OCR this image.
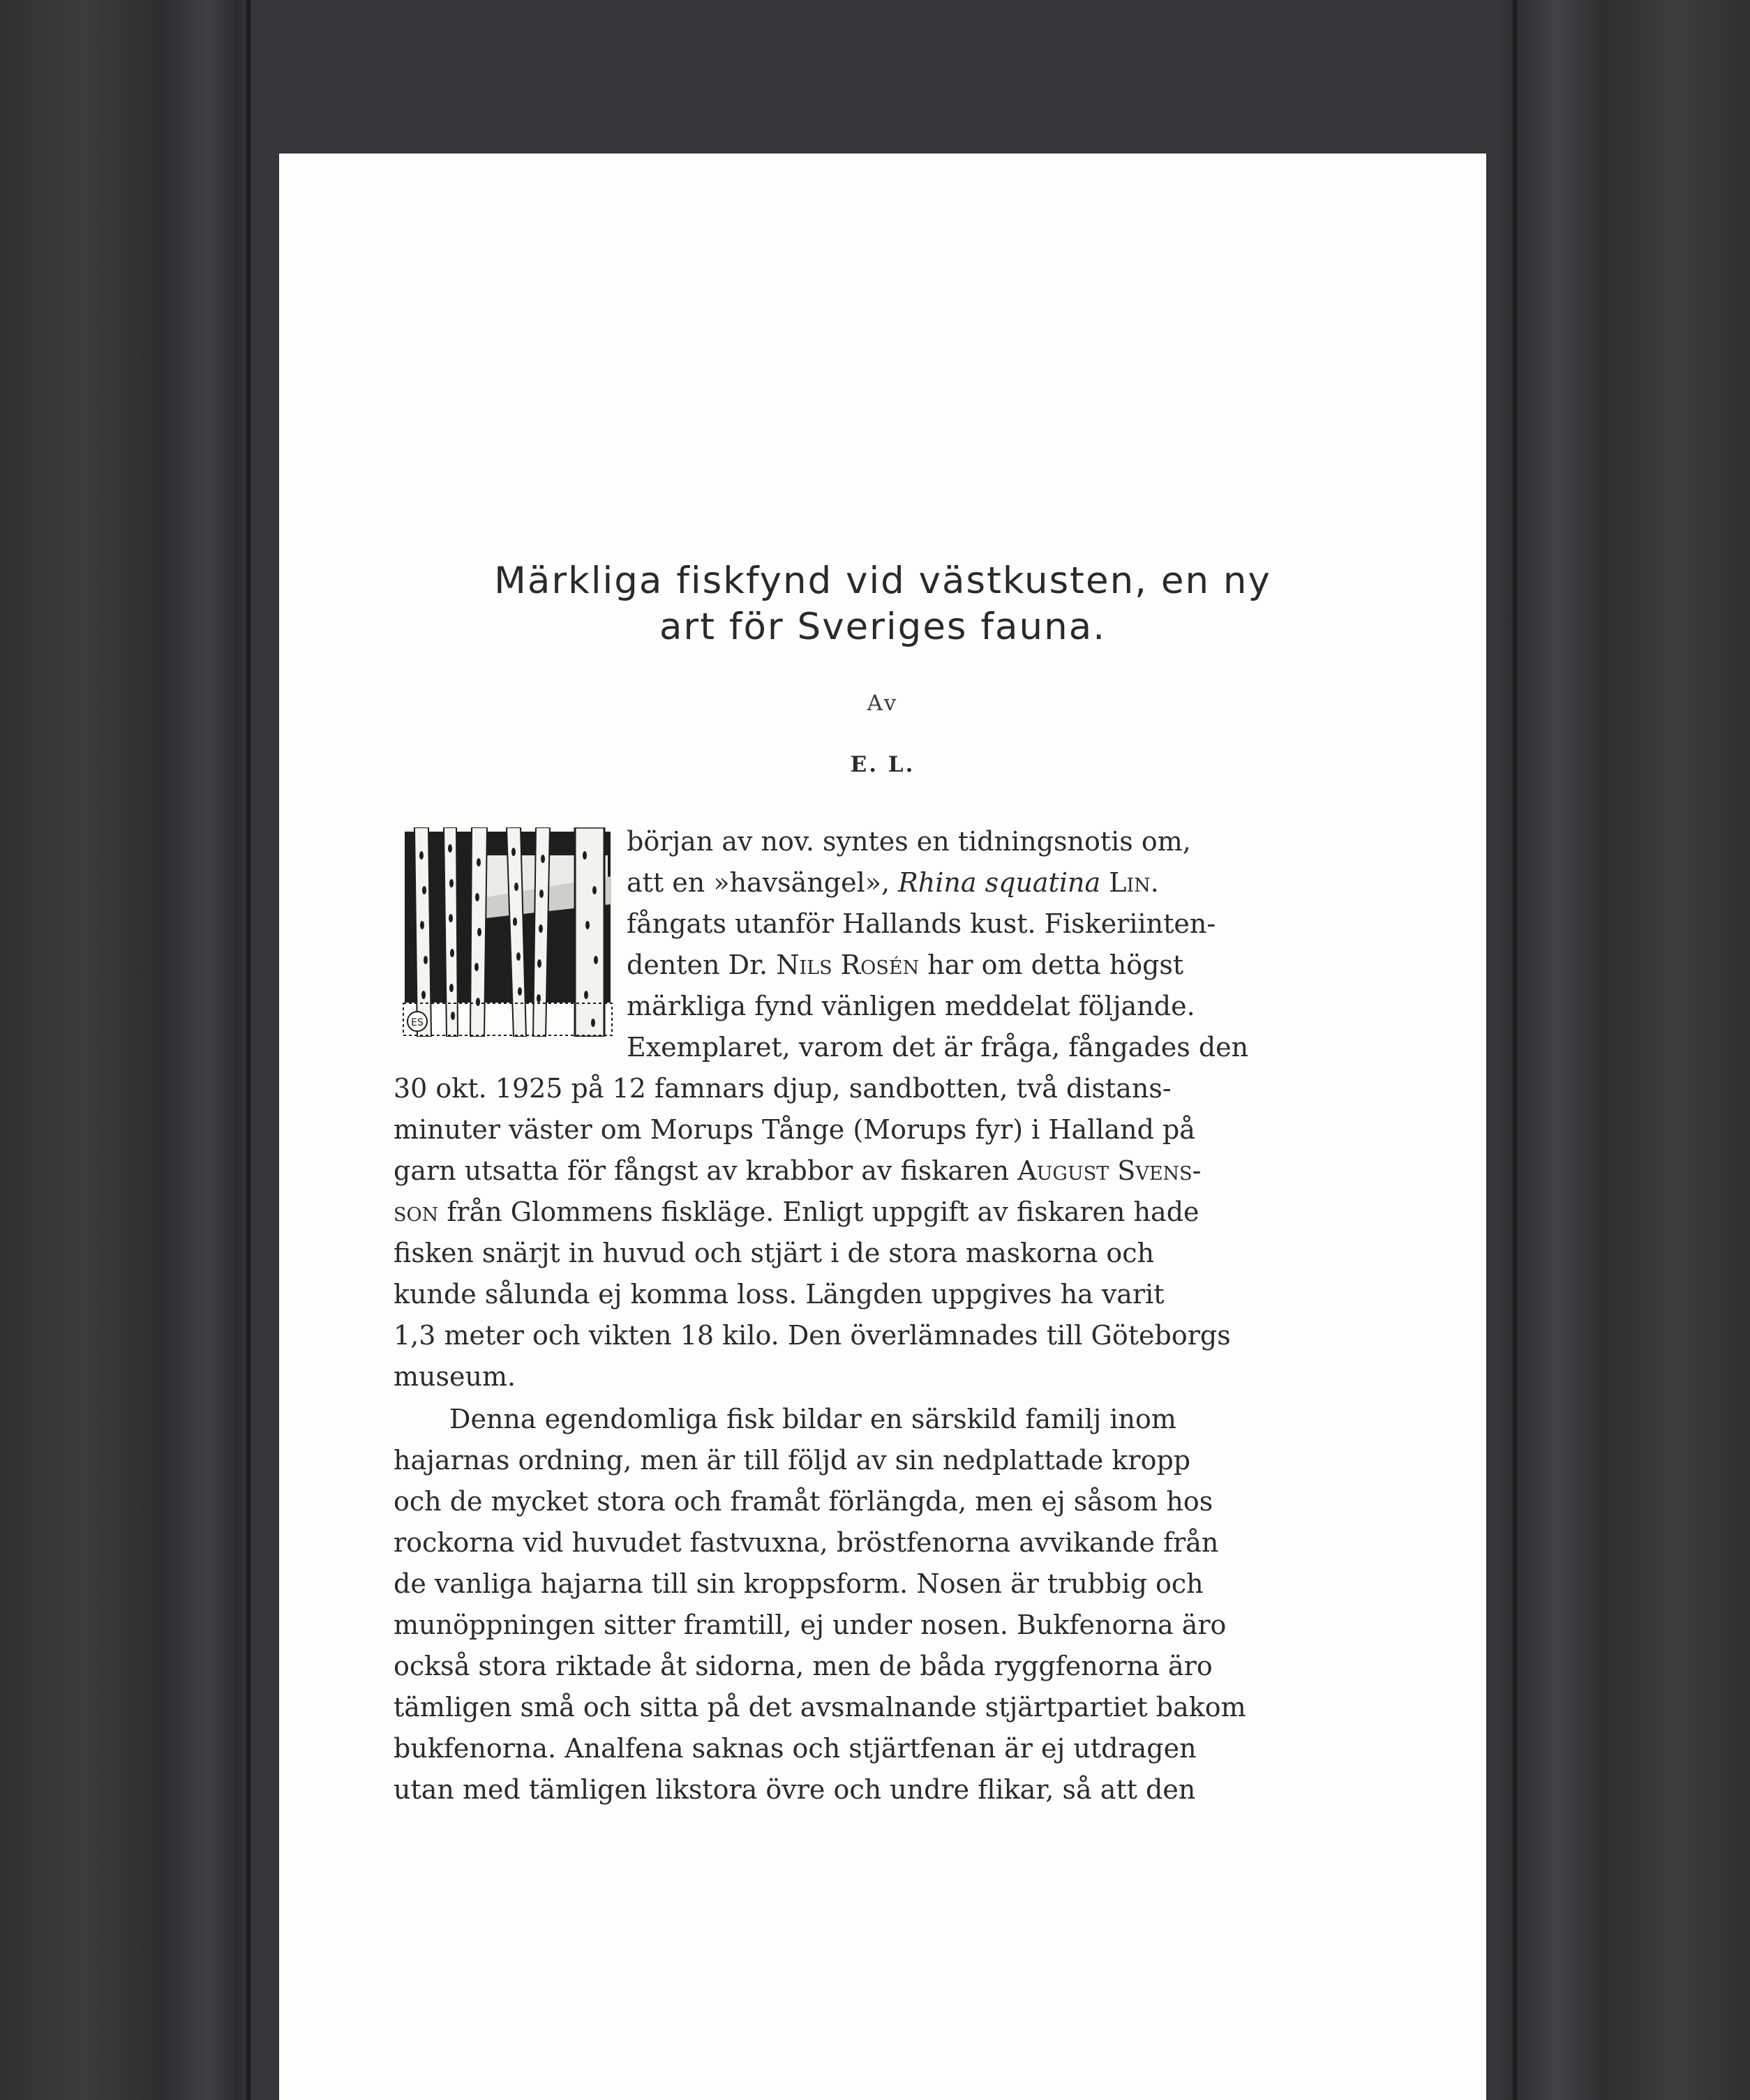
Märkliga fiskfynd vid västkusten, en ny
art för Sveriges fauna.
Av
E. L.
ES
början av nov. syntes en tidningsnotis om,
att en »havsängel», Rhina squatina Lin.
fångats utanför Hallands kust. Fiskeriinten-
denten Dr. Nils Rosén har om detta högst
märkliga fynd vänligen meddelat följande.
Exemplaret, varom det är fråga, fångades den
30 okt. 1925 på 12 famnars djup, sandbotten, två distans-
minuter väster om Morups Tånge (Morups fyr) i Halland på
garn utsatta för fångst av krabbor av fiskaren August Svens-
son från Glommens fiskläge. Enligt uppgift av fiskaren hade
fisken snärjt in huvud och stjärt i de stora maskorna och
kunde sålunda ej komma loss. Längden uppgives ha varit
1,3 meter och vikten 18 kilo. Den överlämnades till Göteborgs
museum.
Denna egendomliga fisk bildar en särskild familj inom
hajarnas ordning, men är till följd av sin nedplattade kropp
och de mycket stora och framåt förlängda, men ej såsom hos
rockorna vid huvudet fastvuxna, bröstfenorna avvikande från
de vanliga hajarna till sin kroppsform. Nosen är trubbig och
munöppningen sitter framtill, ej under nosen. Bukfenorna äro
också stora riktade åt sidorna, men de båda ryggfenorna äro
tämligen små och sitta på det avsmalnande stjärtpartiet bakom
bukfenorna. Analfena saknas och stjärtfenan är ej utdragen
utan med tämligen likstora övre och undre flikar, så att den
